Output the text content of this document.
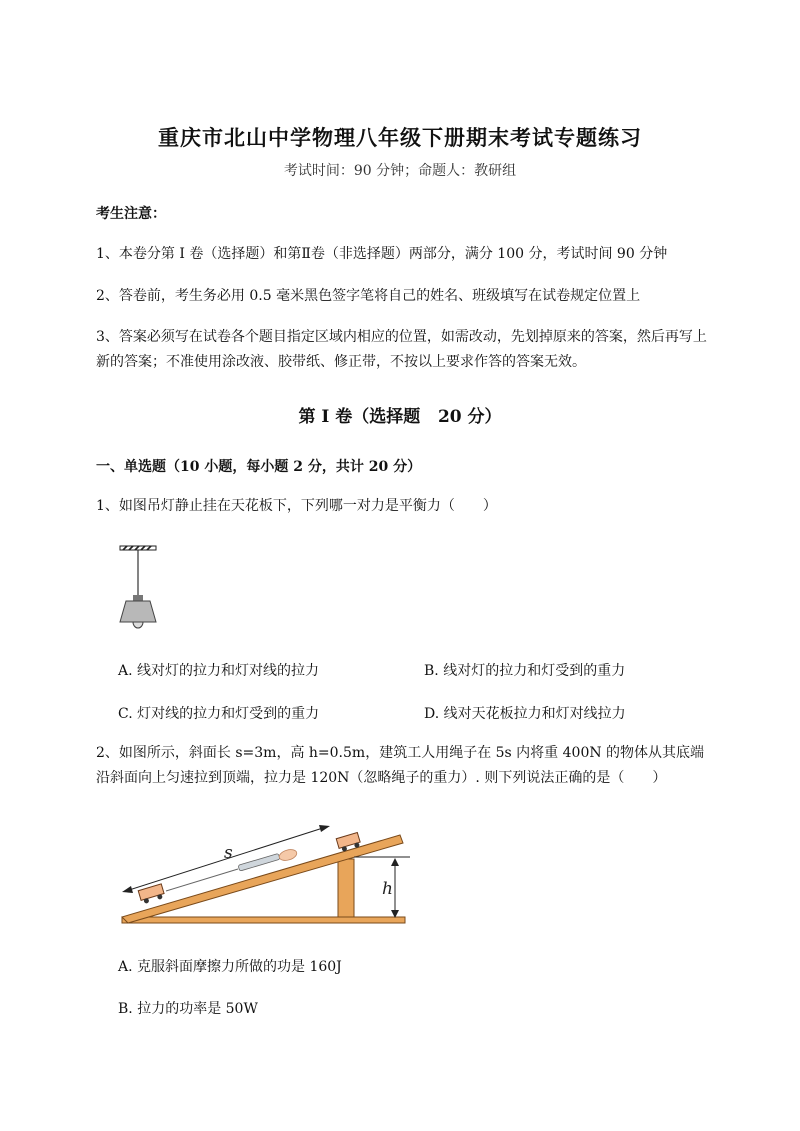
重庆市北山中学物理八年级下册期末考试专题练习
考试时间：90 分钟；命题人：教研组
考生注意：
1、本卷分第 I 卷（选择题）和第Ⅱ卷（非选择题）两部分，满分 100 分，考试时间 90 分钟
2、答卷前，考生务必用 0.5 毫米黑色签字笔将自己的姓名、班级填写在试卷规定位置上
3、答案必须写在试卷各个题目指定区域内相应的位置，如需改动，先划掉原来的答案，然后再写上新的答案；不准使用涂改液、胶带纸、修正带，不按以上要求作答的答案无效。
第 I 卷（选择题   20 分）
一、单选题（10 小题，每小题 2 分，共计 20 分）
1、如图吊灯静止挂在天花板下，下列哪一对力是平衡力（　　）
A. 线对灯的拉力和灯对线的拉力	B. 线对灯的拉力和灯受到的重力
C. 灯对线的拉力和灯受到的重力	D. 线对天花板拉力和灯对线拉力
2、如图所示，斜面长 s=3m，高 h=0.5m，建筑工人用绳子在 5s 内将重 400N 的物体从其底端沿斜面向上匀速拉到顶端，拉力是 120N（忽略绳子的重力）. 则下列说法正确的是（　　）
h
s
A. 克服斜面摩擦力所做的功是 160J
B. 拉力的功率是 50W
